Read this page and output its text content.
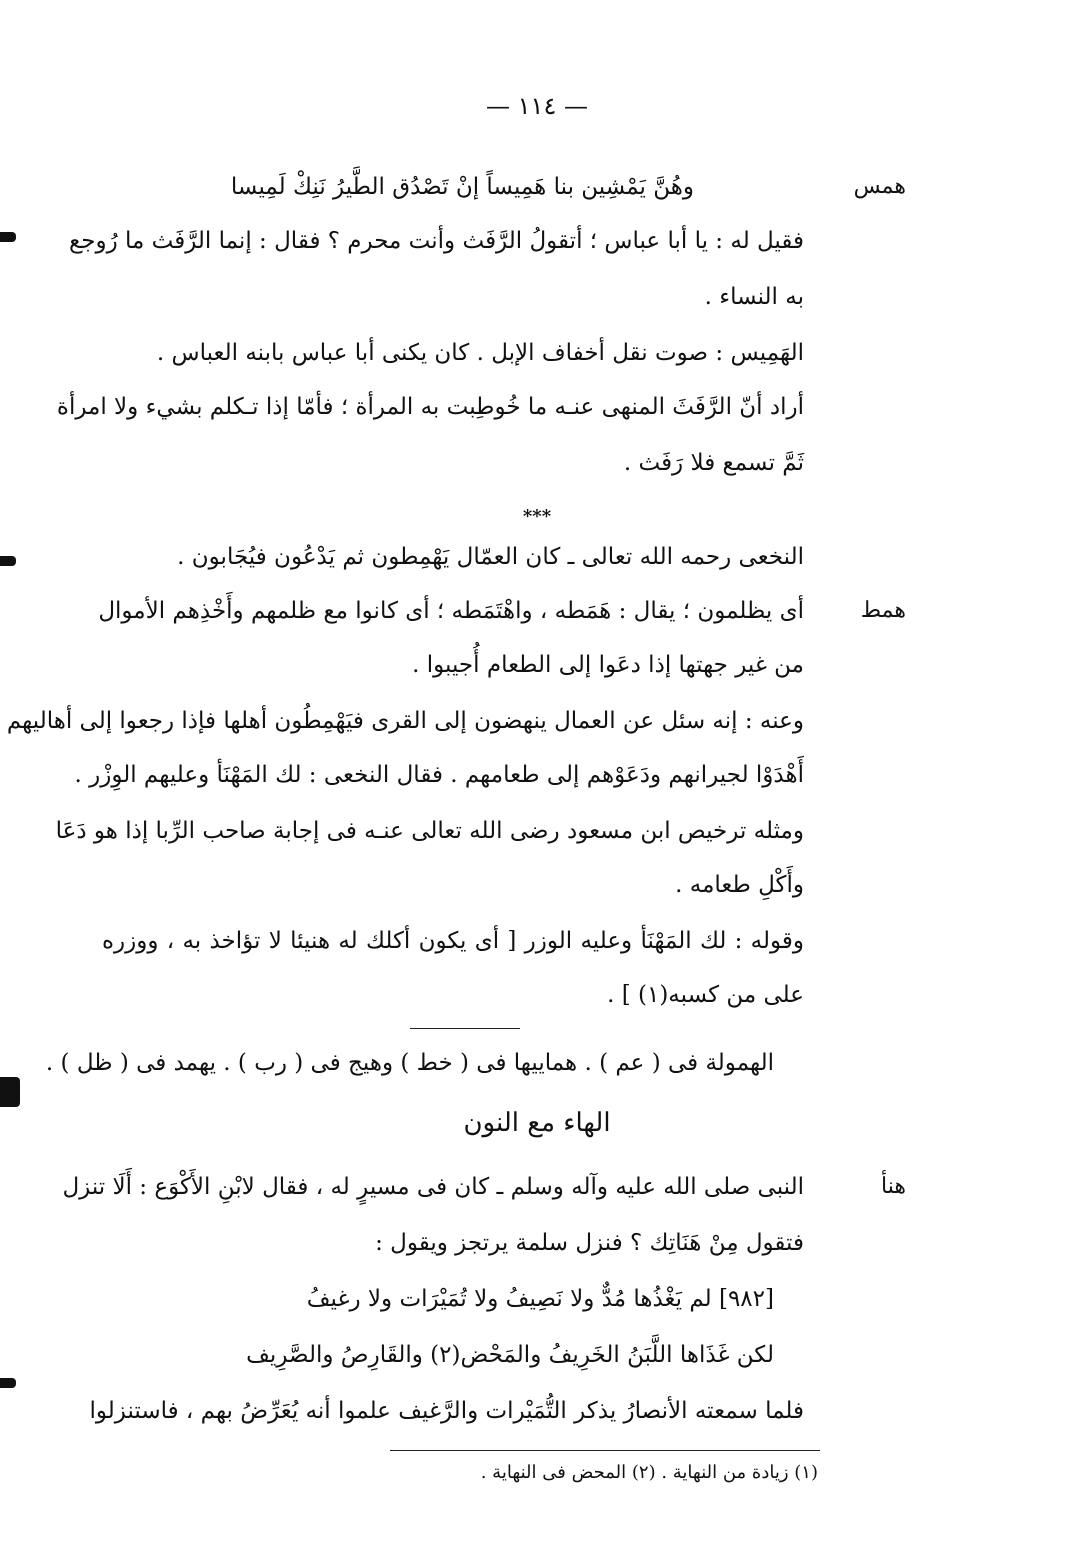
— ١١٤ —
همس
وهُنَّ يَمْشِين بنا هَمِيساً إنْ تَصْدُق الطَّيرُ نَنِكْ لَمِيسا
فقيل له : يا أبا عباس ؛ أتقولُ الرَّفَث وأنت محرم ؟ فقال : إنما الرَّفَث ما رُوجع
به النساء .
الهَمِيس : صوت نقل أخفاف الإبل . كان يكنى أبا عباس بابنه العباس .
أراد أنّ الرَّفَثَ المنهى عنـه ما خُوطِبت به المرأة ؛ فأمّا إذا تـكلم بشيء ولا امرأة
ثَمَّ تسمع فلا رَفَث .
***
النخعى رحمه الله تعالى ـ كان العمّال يَهْمِطون ثم يَدْعُون فيُجَابون .
همط
أى يظلمون ؛ يقال : هَمَطه ، واهْتَمَطه ؛ أى كانوا مع ظلمهم وأَخْذِهم الأموال
من غير جهتها إذا دعَوا إلى الطعام أُجيبوا .
وعنه : إنه سئل عن العمال ينهضون إلى القرى فيَهْمِطُون أهلها فإذا رجعوا إلى أهاليهم
أَهْدَوْا لجيرانهم ودَعَوْهم إلى طعامهم . فقال النخعى : لك المَهْنَأ وعليهم الوِزْر .
ومثله ترخيص ابن مسعود رضى الله تعالى عنـه فى إجابة صاحب الرِّبا إذا هو دَعَا
وأَكْلِ طعامه .
وقوله : لك المَهْنَأ وعليه الوزر [ أى يكون أكلك له هنيئا لا تؤاخذ به ، ووزره
على من كسبه(١) ] .
الهمولة فى ( عم ) . هماييها فى ( خط ) وهيج فى ( رب ) . يهمد فى ( ظل ) .
الهاء مع النون
هنأ
النبى صلى الله عليه وآله وسلم ـ كان فى مسيرٍ له ، فقال لابْنِ الأَكْوَع : أَلَا تنزل
فتقول مِنْ هَنَاتِك ؟ فنزل سلمة يرتجز ويقول :
[٩٨٢] لم يَغْذُها مُدٌّ ولا نَصِيفُ ولا تُمَيْرَات ولا رغيفُ
لكن غَذَاها اللَّبَنُ الخَرِيفُ والمَحْض(٢) والقَارِصُ والصَّرِيف
فلما سمعته الأنصارُ يذكر التُّمَيْرات والرَّغيف علموا أنه يُعَرِّضُ بهم ، فاستنزلوا
(١) زيادة من النهاية . (٢) المحض فى النهاية .
